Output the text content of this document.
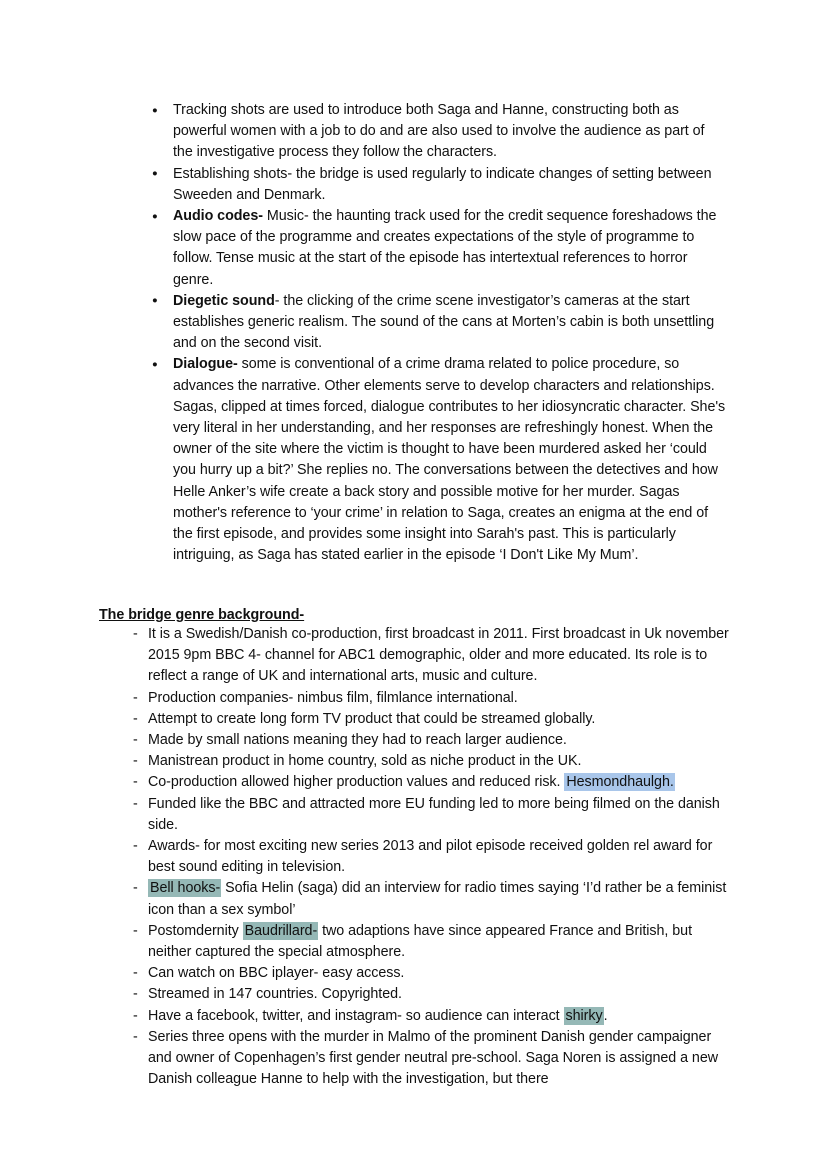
● Tracking shots are used to introduce both Saga and Hanne, constructing both as powerful women with a job to do and are also used to involve the audience as part of the investigative process they follow the characters.
● Establishing shots- the bridge is used regularly to indicate changes of setting between Sweeden and Denmark.
● Audio codes- Music- the haunting track used for the credit sequence foreshadows the slow pace of the programme and creates expectations of the style of programme to follow. Tense music at the start of the episode has intertextual references to horror genre.
● Diegetic sound- the clicking of the crime scene investigator’s cameras at the start establishes generic realism. The sound of the cans at Morten’s cabin is both unsettling and on the second visit.
● Dialogue- some is conventional of a crime drama related to police procedure, so advances the narrative. Other elements serve to develop characters and relationships. Sagas, clipped at times forced, dialogue contributes to her idiosyncratic character. She's very literal in her understanding, and her responses are refreshingly honest. When the owner of the site where the victim is thought to have been murdered asked her ‘could you hurry up a bit?’ She replies no. The conversations between the detectives and how Helle Anker’s wife create a back story and possible motive for her murder. Sagas mother's reference to ‘your crime’ in relation to Saga, creates an enigma at the end of the first episode, and provides some insight into Sarah's past. This is particularly intriguing, as Saga has stated earlier in the episode ‘I Don't Like My Mum’.
The bridge genre background-
- It is a Swedish/Danish co-production, first broadcast in 2011. First broadcast in Uk november 2015 9pm BBC 4- channel for ABC1 demographic, older and more educated. Its role is to reflect a range of UK and international arts, music and culture.
- Production companies- nimbus film, filmlance international.
- Attempt to create long form TV product that could be streamed globally.
- Made by small nations meaning they had to reach larger audience.
- Manistrean product in home country, sold as niche product in the UK.
- Co-production allowed higher production values and reduced risk. Hesmondhaulgh.
- Funded like the BBC and attracted more EU funding led to more being filmed on the danish side.
- Awards- for most exciting new series 2013 and pilot episode received golden rel award for best sound editing in television.
- Bell hooks- Sofia Helin (saga) did an interview for radio times saying ‘I’d rather be a feminist icon than a sex symbol’
- Postomdernity Baudrillard- two adaptions have since appeared France and British, but neither captured the special atmosphere.
- Can watch on BBC iplayer- easy access.
- Streamed in 147 countries. Copyrighted.
- Have a facebook, twitter, and instagram- so audience can interact shirky.
- Series three opens with the murder in Malmo of the prominent Danish gender campaigner and owner of Copenhagen’s first gender neutral pre-school. Saga Noren is assigned a new Danish colleague Hanne to help with the investigation, but there
